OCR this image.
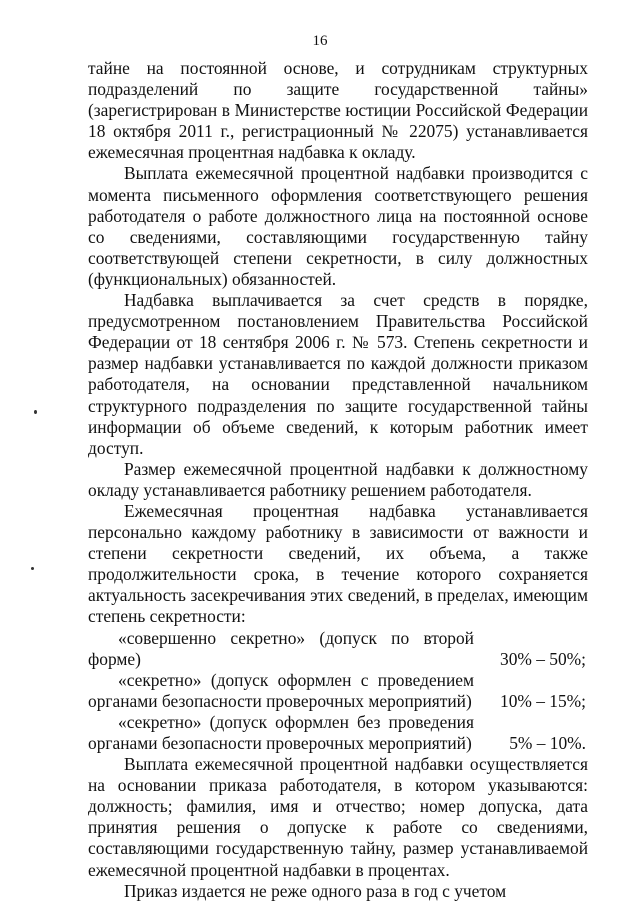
16

тайне на постоянной основе, и сотрудникам структурных подразделений по защите государственной тайны» (зарегистрирован в Министерстве юстиции Российской Федерации 18 октября 2011 г., регистрационный № 22075) устанавливается ежемесячная процентная надбавка к окладу.

Выплата ежемесячной процентной надбавки производится с момента письменного оформления соответствующего решения работодателя о работе должностного лица на постоянной основе со сведениями, составляющими государственную тайну соответствующей степени секретности, в силу должностных (функциональных) обязанностей.

Надбавка выплачивается за счет средств в порядке, предусмотренном постановлением Правительства Российской Федерации от 18 сентября 2006 г. № 573. Степень секретности и размер надбавки устанавливается по каждой должности приказом работодателя, на основании представленной начальником структурного подразделения по защите государственной тайны информации об объеме сведений, к которым работник имеет доступ.

Размер ежемесячной процентной надбавки к должностному окладу устанавливается работнику решением работодателя.

Ежемесячная процентная надбавка устанавливается персонально каждому работнику в зависимости от важности и степени секретности сведений, их объема, а также продолжительности срока, в течение которого сохраняется актуальность засекречивания этих сведений, в пределах, имеющим степень секретности:

«совершенно секретно» (допуск по второй форме)	30% – 50%;
«секретно» (допуск оформлен с проведением органами безопасности проверочных мероприятий) 10% – 15%;
«секретно» (допуск оформлен без проведения органами безопасности проверочных мероприятий) 5% – 10%.

Выплата ежемесячной процентной надбавки осуществляется на основании приказа работодателя, в котором указываются: должность; фамилия, имя и отчество; номер допуска, дата принятия решения о допуске к работе со сведениями, составляющими государственную тайну, размер устанавливаемой ежемесячной процентной надбавки в процентах.

Приказ издается не реже одного раза в год с учетом
